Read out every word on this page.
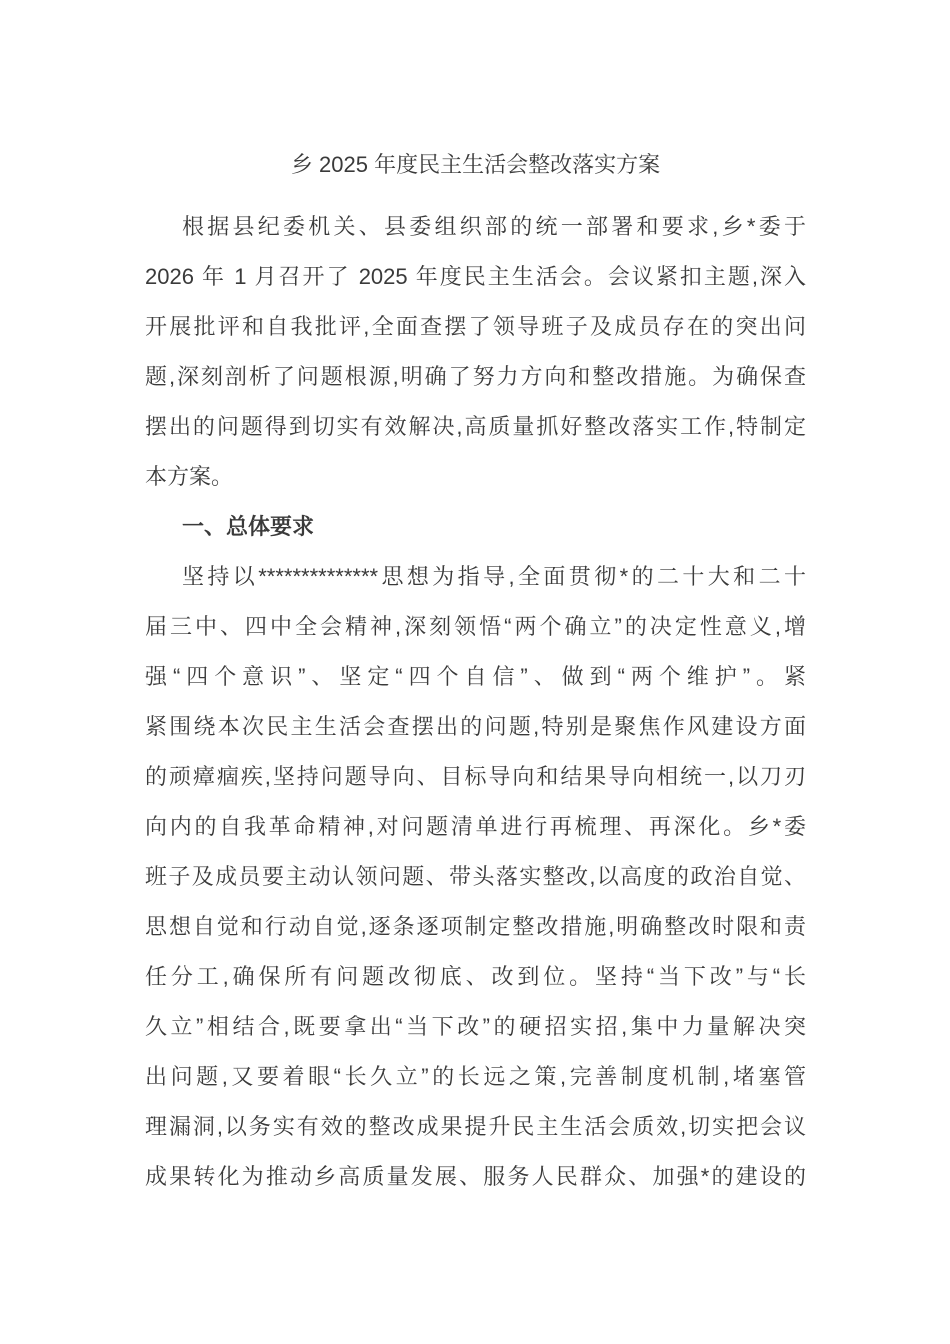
乡 2025 年度民主生活会整改落实方案
根据县纪委机关、县委组织部的统一部署和要求,乡*委于
2026 年 1 月召开了 2025 年度民主生活会。会议紧扣主题,深入
开展批评和自我批评,全面查摆了领导班子及成员存在的突出问
题,深刻剖析了问题根源,明确了努力方向和整改措施。为确保查
摆出的问题得到切实有效解决,高质量抓好整改落实工作,特制定
本方案。
一、总体要求
坚持以**************思想为指导,全面贯彻*的二十大和二十
届三中、四中全会精神,深刻领悟“两个确立”的决定性意义,增
强“四个意识”、坚定“四个自信”、做到“两个维护”。紧
紧围绕本次民主生活会查摆出的问题,特别是聚焦作风建设方面
的顽瘴痼疾,坚持问题导向、目标导向和结果导向相统一,以刀刃
向内的自我革命精神,对问题清单进行再梳理、再深化。乡*委
班子及成员要主动认领问题、带头落实整改,以高度的政治自觉、
思想自觉和行动自觉,逐条逐项制定整改措施,明确整改时限和责
任分工,确保所有问题改彻底、改到位。坚持“当下改”与“长
久立”相结合,既要拿出“当下改”的硬招实招,集中力量解决突
出问题,又要着眼“长久立”的长远之策,完善制度机制,堵塞管
理漏洞,以务实有效的整改成果提升民主生活会质效,切实把会议
成果转化为推动乡高质量发展、服务人民群众、加强*的建设的
